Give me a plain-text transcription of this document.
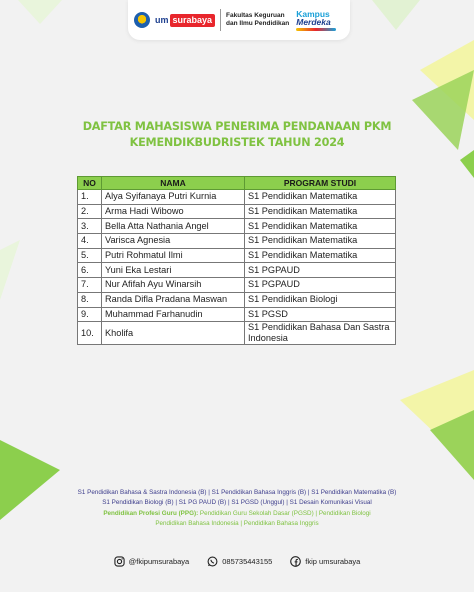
um surabaya	Fakultas Keguruan
dan Ilmu Pendidikan
Kampus
Merdeka
DAFTAR MAHASISWA PENERIMA PENDANAAN PKM
KEMENDIKBUDRISTEK TAHUN 2024
NO	NAMA	PROGRAM STUDI
1.	Alya Syifanaya Putri Kurnia	S1 Pendidikan Matematika
2.	Arma Hadi Wibowo	S1 Pendidikan Matematika
3.	Bella Atta Nathania Angel	S1 Pendidikan Matematika
4.	Varisca Agnesia	S1 Pendidikan Matematika
5.	Putri Rohmatul Ilmi	S1 Pendidikan Matematika
6.	Yuni Eka Lestari	S1 PGPAUD
7.	Nur Afifah Ayu Winarsih	S1 PGPAUD
8.	Randa Difla Pradana Maswan	S1 Pendidikan Biologi
9.	Muhammad Farhanudin	S1 PGSD
10.	Kholifa	S1 Pendidikan Bahasa Dan Sastra Indonesia
S1 Pendidikan Bahasa & Sastra Indonesia (B) | S1 Pendidikan Bahasa Inggris (B) | S1 Pendidikan Matematika (B)
S1 Pendidikan Biologi (B) | S1 PG PAUD (B) | S1 PGSD (Unggul) | S1 Desain Komunikasi Visual
Pendidikan Profesi Guru (PPG): Pendidikan Guru Sekolah Dasar (PGSD) | Pendidikan Biologi
Pendidikan Bahasa Indonesia | Pendidikan Bahasa Inggris
@fkipumsurabaya	085735443155	fkip umsurabaya
